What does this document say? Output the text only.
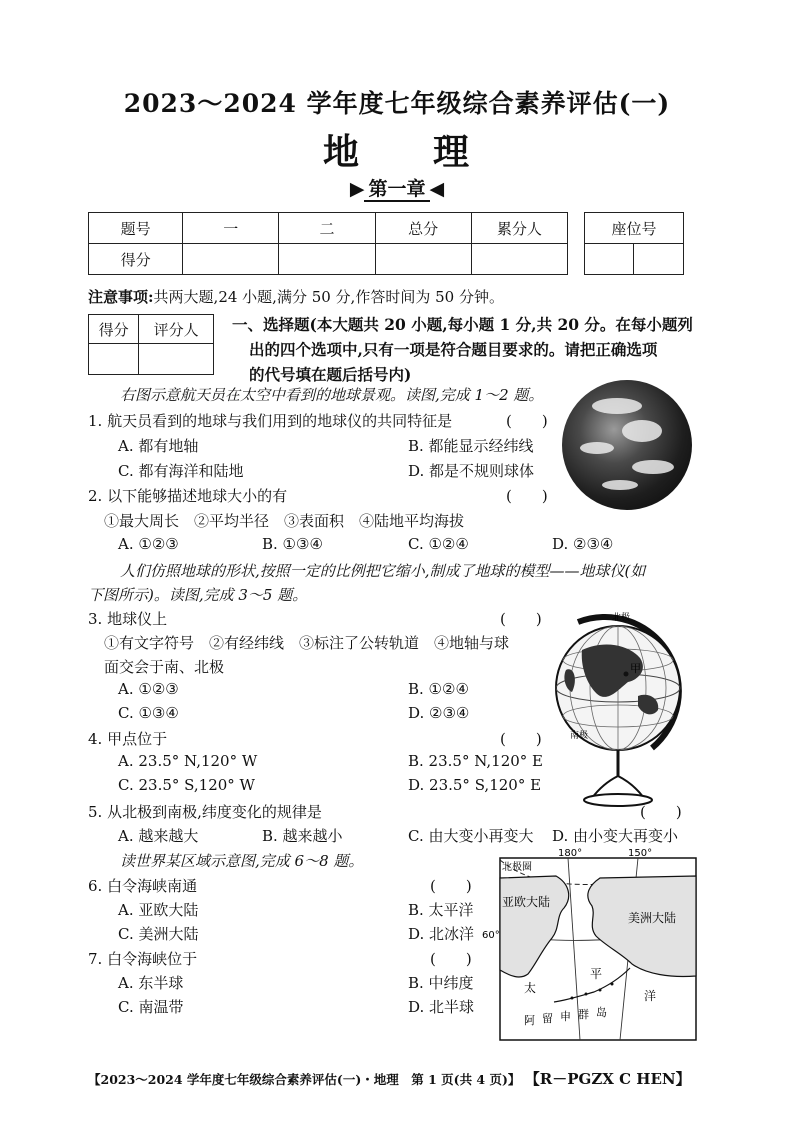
2023～2024 学年度七年级综合素养评估(一)
地 理
▶ 第一章 ◀
题号	一	二	总分	累分人
得分				
座位号

注意事项:共两大题,24 小题,满分 50 分,作答时间为 50 分钟。
得分	评分人
	一、选择题(本大题共 20 小题,每小题 1 分,共 20 分。在每小题列
出的四个选项中,只有一项是符合题目要求的。请把正确选项
的代号填在题后括号内)
右图示意航天员在太空中看到的地球景观。读图,完成 1～2 题。
1. 航天员看到的地球与我们用到的地球仪的共同特征是	(　　)
A. 都有地轴	B. 都能显示经纬线
C. 都有海洋和陆地	D. 都是不规则球体
2. 以下能够描述地球大小的有	(　　)
①最大周长　②平均半径　③表面积　④陆地平均海拔
A. ①②③	B. ①③④	C. ①②④	D. ②③④
人们仿照地球的形状,按照一定的比例把它缩小,制成了地球的模型——地球仪(如
下图所示)。读图,完成 3～5 题。
3. 地球仪上	(　　)
①有文字符号　②有经纬线　③标注了公转轨道　④地轴与球
面交会于南、北极
A. ①②③	B. ①②④
C. ①③④	D. ②③④
甲
北极
南极
4. 甲点位于	(　　)
A. 23.5° N,120° W	B. 23.5° N,120° E
C. 23.5° S,120° W	D. 23.5° S,120° E
5. 从北极到南极,纬度变化的规律是	(　　)
A. 越来越大	B. 越来越小	C. 由大变小再变大 D. 由小变大再变小
读世界某区域示意图,完成 6～8 题。
6. 白令海峡南通	(　　)
A. 亚欧大陆	B. 太平洋
C. 美洲大陆	D. 北冰洋
7. 白令海峡位于	(　　)
A. 东半球	B. 中纬度
C. 南温带	D. 北半球
180°	150°
60°
北极圈
亚欧大陆
美洲大陆
太
平
洋
阿 留 申 群 岛
【2023～2024 学年度七年级综合素养评估(一)・地理　第 1 页(共 4 页)】 【R－PGZX C HEN】
